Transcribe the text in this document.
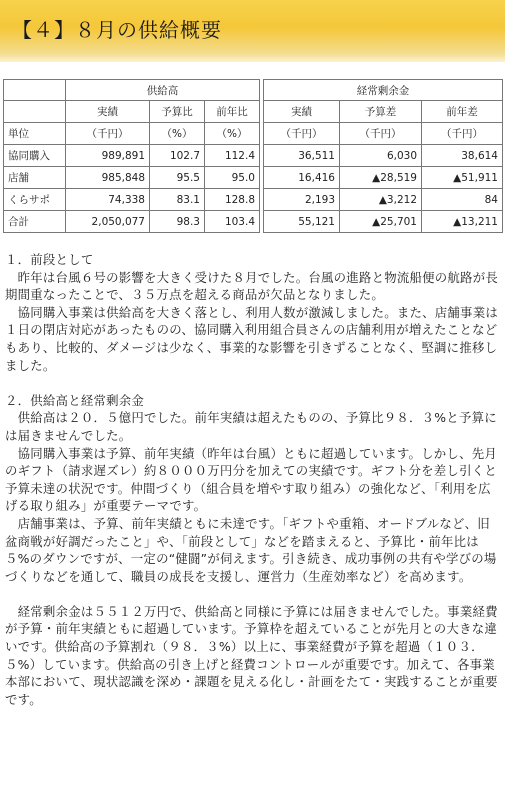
【４】８月の供給概要
	供給高				経常剰余金		
	実績	予算比	前年比		実績	予算差	前年差
単位	（千円）	（%）	（%）		（千円）	（千円）	（千円）
協同購入	989,891	102.7	112.4		36,511	6,030	38,614
店舗	985,848	95.5	95.0		16,416	▲28,519	▲51,911
くらサポ	74,338	83.1	128.8		2,193	▲3,212	84
合計	2,050,077	98.3	103.4		55,121	▲25,701	▲13,211

１．前段として

　昨年は台風６号の影響を大きく受けた８月でした。台風の進路と物流船便の航路が長期間重なったことで、３５万点を超える商品が欠品となりました。

　協同購入事業は供給高を大きく落とし、利用人数が激減しました。また、店舗事業は１日の閉店対応があったものの、協同購入利用組合員さんの店舗利用が増えたことなどもあり、比較的、ダメージは少なく、事業的な影響を引きずることなく、堅調に推移しました。

２．供給高と経常剰余金

　供給高は２０．５億円でした。前年実績は超えたものの、予算比９８．３%と予算には届きませんでした。

　協同購入事業は予算、前年実績（昨年は台風）ともに超過しています。しかし、先月のギフト（請求遅ズレ）約８０００万円分を加えての実績です。ギフト分を差し引くと予算未達の状況です。仲間づくり（組合員を増やす取り組み）の強化など、「利用を広げる取り組み」が重要テーマです。

　店舗事業は、予算、前年実績ともに未達です。「ギフトや重箱、オードブルなど、旧盆商戦が好調だったこと」や、「前段として」などを踏まえると、予算比・前年比は５%のダウンですが、一定の“健闘”が伺えます。引き続き、成功事例の共有や学びの場づくりなどを通して、職員の成長を支援し、運営力（生産効率など）を高めます。

　経常剰余金は５５１２万円で、供給高と同様に予算には届きませんでした。事業経費が予算・前年実績ともに超過しています。予算枠を超えていることが先月との大きな違いです。供給高の予算割れ（９８．３%）以上に、事業経費が予算を超過（１０３．５%）しています。供給高の引き上げと経費コントロールが重要です。加えて、各事業本部において、現状認識を深め・課題を見える化し・計画をたて・実践することが重要です。
